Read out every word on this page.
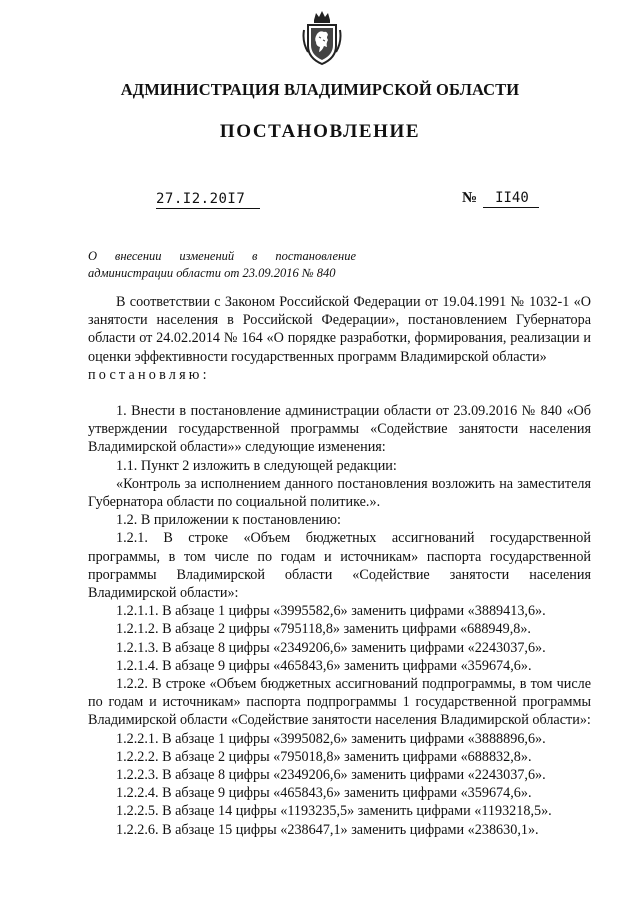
АДМИНИСТРАЦИЯ ВЛАДИМИРСКОЙ ОБЛАСТИ
ПОСТАНОВЛЕНИЕ
27.I2.20I7	№ II40
О внесении изменений в постановление
администрации области от 23.09.2016 № 840

В соответствии с Законом Российской Федерации от 19.04.1991 № 1032-1 «О занятости населения в Российской Федерации», постановлением Губернатора области от 24.02.2014 № 164 «О порядке разработки, формирования, реализации и оценки эффективности государственных программ Владимирской области»

постановляю:

1. Внести в постановление администрации области от 23.09.2016 № 840 «Об утверждении государственной программы «Содействие занятости населения Владимирской области»» следующие изменения:

1.1. Пункт 2 изложить в следующей редакции:

«Контроль за исполнением данного постановления возложить на заместителя Губернатора области по социальной политике.».

1.2. В приложении к постановлению:

1.2.1. В строке «Объем бюджетных ассигнований государственной программы, в том числе по годам и источникам» паспорта государственной программы Владимирской области «Содействие занятости населения Владимирской области»:

1.2.1.1. В абзаце 1 цифры «3995582,6» заменить цифрами «3889413,6».

1.2.1.2. В абзаце 2 цифры «795118,8» заменить цифрами «688949,8».

1.2.1.3. В абзаце 8 цифры «2349206,6» заменить цифрами «2243037,6».

1.2.1.4. В абзаце 9 цифры «465843,6» заменить цифрами «359674,6».

1.2.2. В строке «Объем бюджетных ассигнований подпрограммы, в том числе по годам и источникам» паспорта подпрограммы 1 государственной программы Владимирской области «Содействие занятости населения Владимирской области»:

1.2.2.1. В абзаце 1 цифры «3995082,6» заменить цифрами «3888896,6».

1.2.2.2. В абзаце 2 цифры «795018,8» заменить цифрами «688832,8».

1.2.2.3. В абзаце 8 цифры «2349206,6» заменить цифрами «2243037,6».

1.2.2.4. В абзаце 9 цифры «465843,6» заменить цифрами «359674,6».

1.2.2.5. В абзаце 14 цифры «1193235,5» заменить цифрами «1193218,5».

1.2.2.6. В абзаце 15 цифры «238647,1» заменить цифрами «238630,1».
